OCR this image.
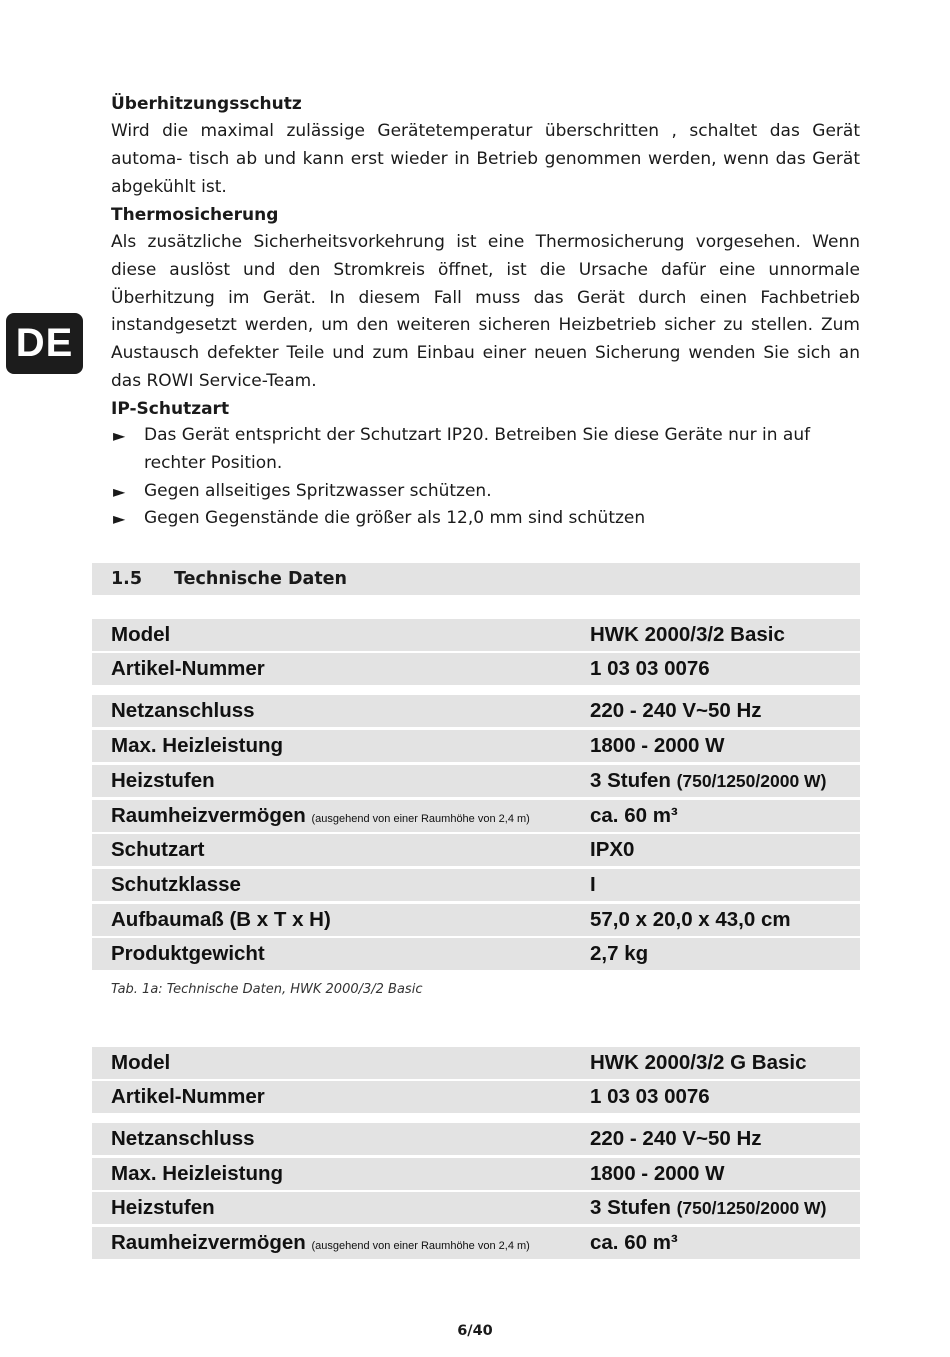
DE
Überhitzungsschutz

Wird die maximal zulässige Gerätetemperatur überschritten , schaltet das Gerät automa- tisch ab und kann erst wieder in Betrieb genommen werden, wenn das Gerät abgekühlt ist.

Thermosicherung

Als zusätzliche Sicherheitsvorkehrung ist eine Thermosicherung vorgesehen. Wenn diese auslöst und den Stromkreis öffnet, ist die Ursache dafür eine unnormale Überhitzung im Gerät. In diesem Fall muss das Gerät durch einen Fachbetrieb instandgesetzt werden, um den weiteren sicheren Heizbetrieb sicher zu stellen. Zum Austausch defekter Teile und zum Einbau einer neuen Sicherung wenden Sie sich an das ROWI Service-Team.

IP-Schutzart
► Das Gerät entspricht der Schutzart IP20. Betreiben Sie diese Geräte nur in auf rechter Position.
► Gegen allseitiges Spritzwasser schützen.
► Gegen Gegenstände die größer als 12,0 mm sind schützen
1.5 Technische Daten
Model	HWK 2000/3/2 Basic
Artikel-Nummer	1 03 03 0076
Netzanschluss	220 - 240 V~50 Hz
Max. Heizleistung	1800 - 2000 W
Heizstufen	3 Stufen (750/1250/2000 W)
Raumheizvermögen (ausgehend von einer Raumhöhe von 2,4 m)	ca. 60 m³
Schutzart	IPX0
Schutzklasse	I
Aufbaumaß (B x T x H)	57,0 x 20,0 x 43,0 cm
Produktgewicht	2,7 kg
Tab. 1a: Technische Daten, HWK 2000/3/2 Basic
Model	HWK 2000/3/2 G Basic
Artikel-Nummer	1 03 03 0076
Netzanschluss	220 - 240 V~50 Hz
Max. Heizleistung	1800 - 2000 W
Heizstufen	3 Stufen (750/1250/2000 W)
Raumheizvermögen (ausgehend von einer Raumhöhe von 2,4 m)	ca. 60 m³
6/40
